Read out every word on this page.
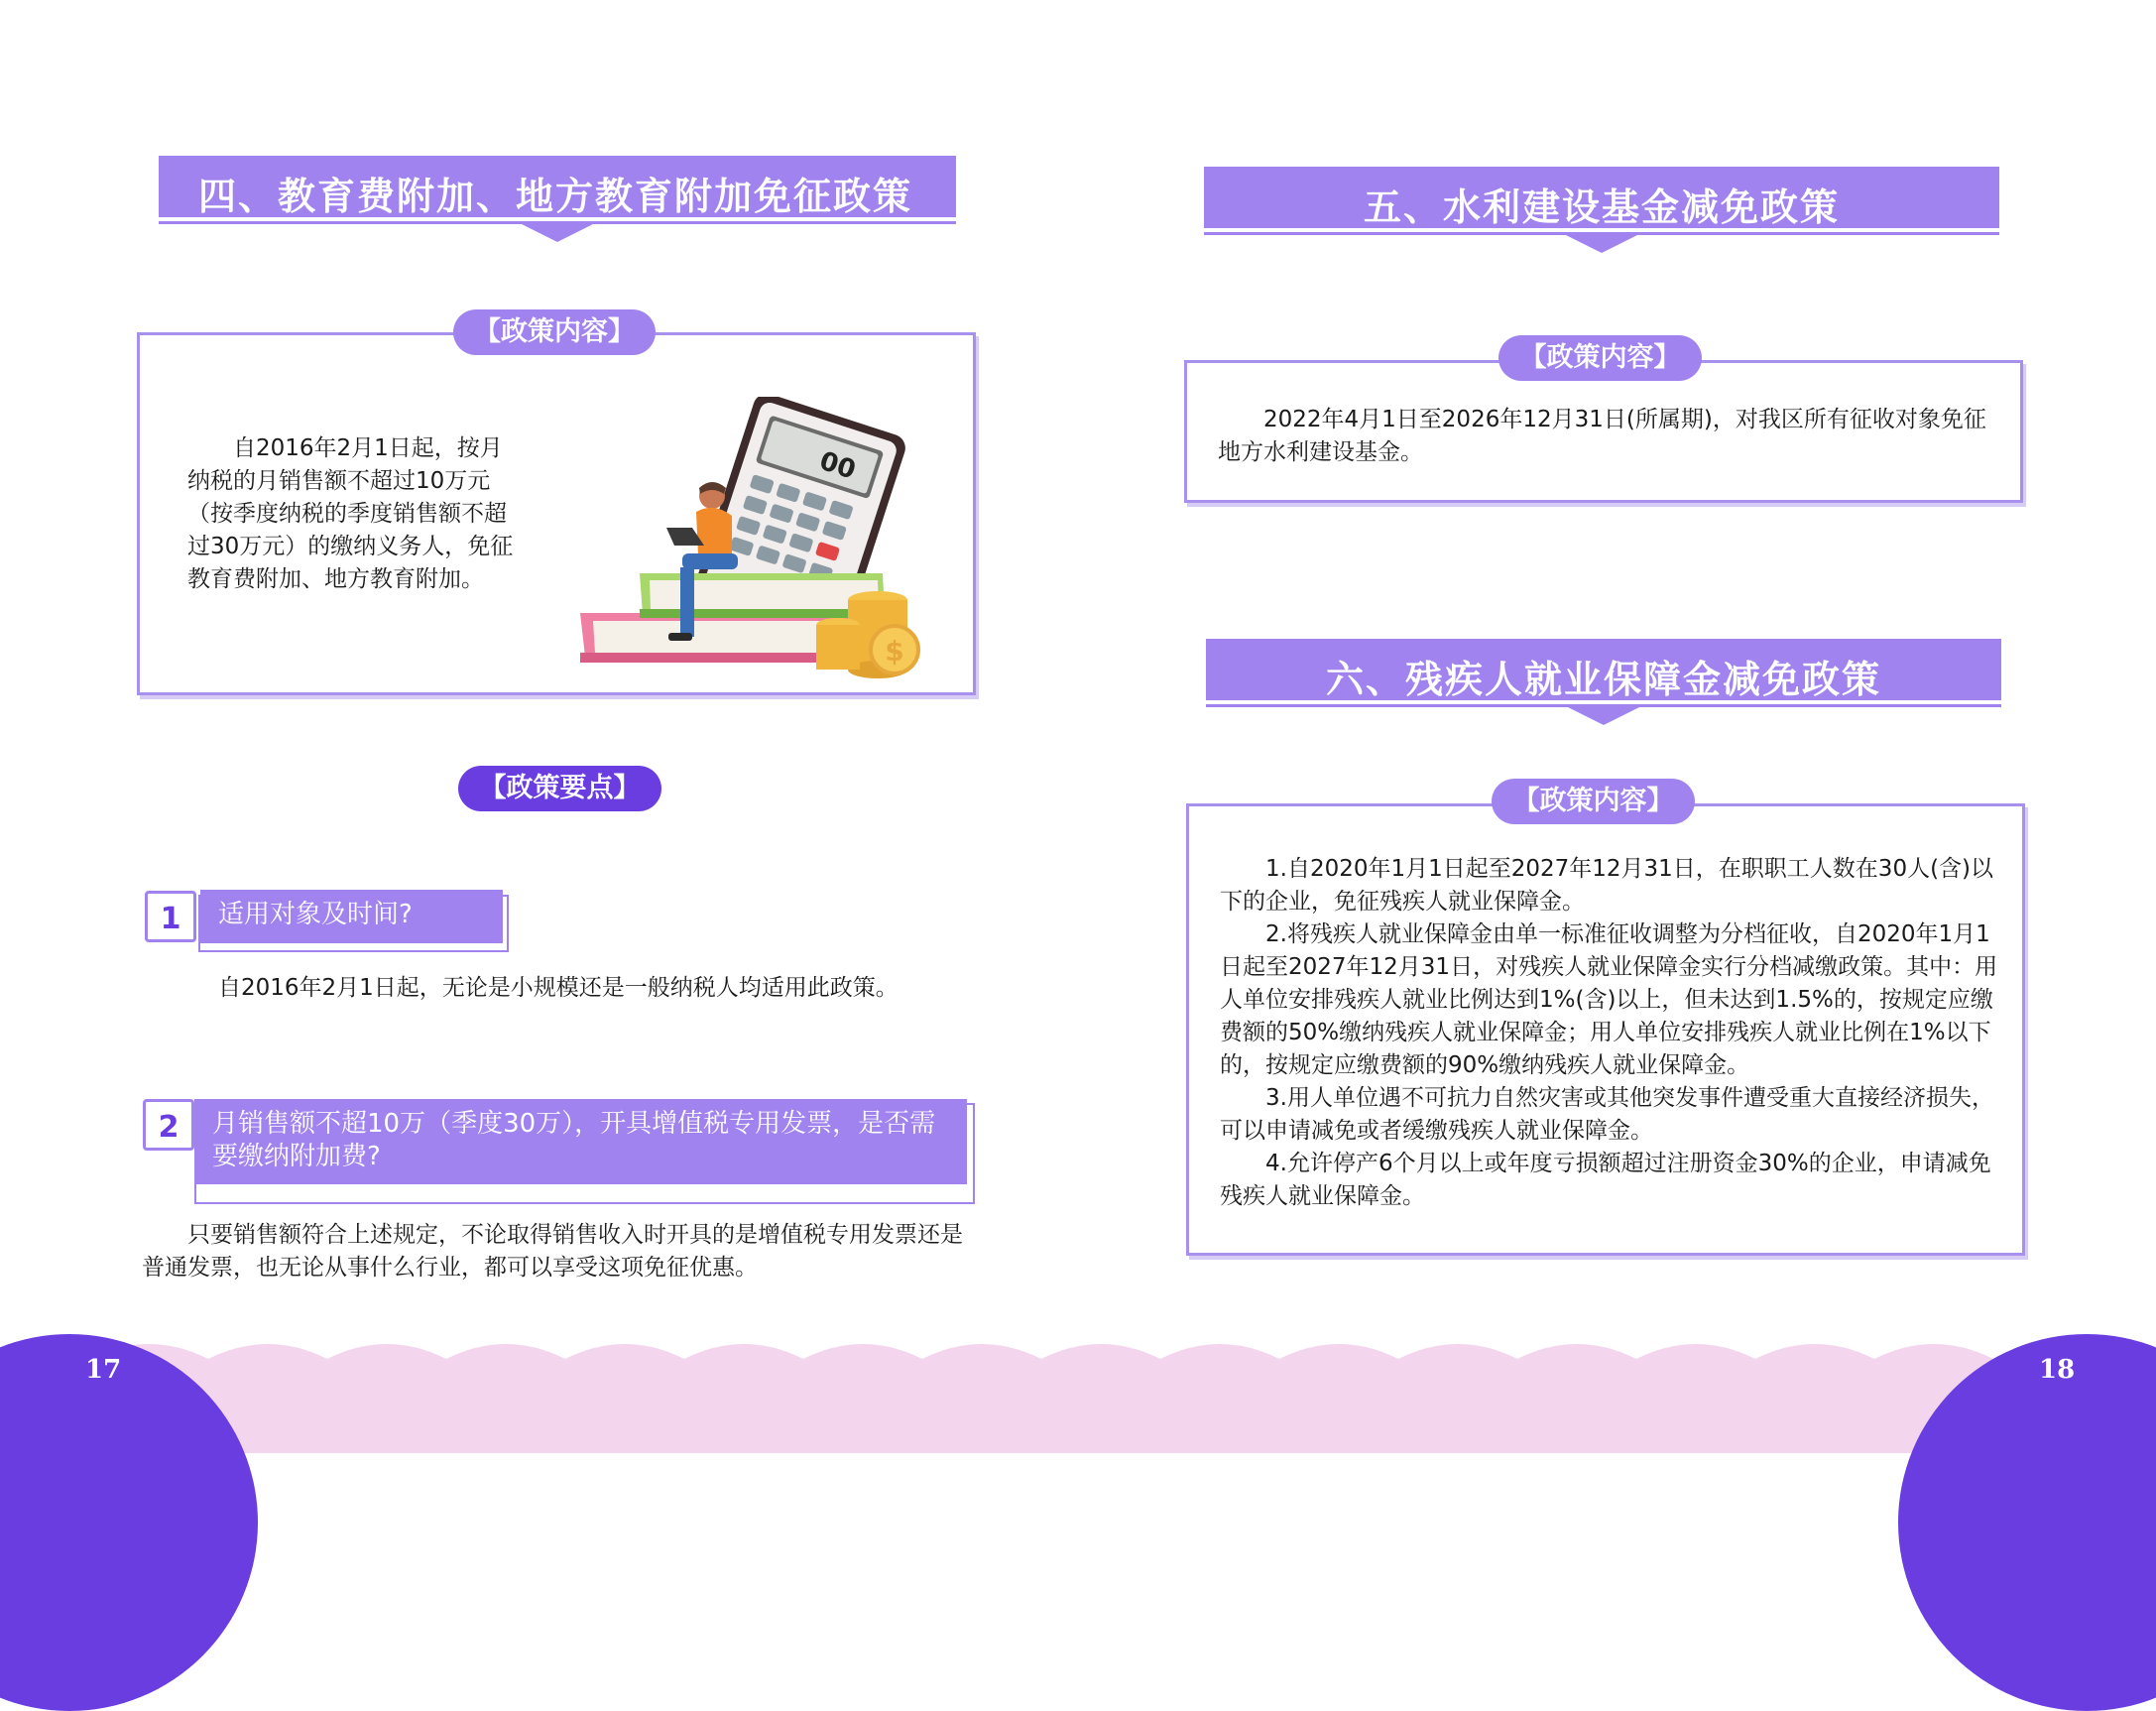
四、教育费附加、地方教育附加免征政策
【政策内容】

自2016年2月1日起，按月纳税的月销售额不超过10万元（按季度纳税的季度销售额不超过30万元）的缴纳义务人，免征教育费附加、地方教育附加。

00
$
【政策要点】
适用对象及时间?
1
自2016年2月1日起，无论是小规模还是一般纳税人均适用此政策。
月销售额不超10万（季度30万），开具增值税专用发票，是否需要缴纳附加费?
2

只要销售额符合上述规定，不论取得销售收入时开具的是增值税专用发票还是普通发票，也无论从事什么行业，都可以享受这项免征优惠。

五、水利建设基金减免政策
【政策内容】

2022年4月1日至2026年12月31日(所属期)，对我区所有征收对象免征地方水利建设基金。

六、残疾人就业保障金减免政策
【政策内容】

1.自2020年1月1日起至2027年12月31日，在职职工人数在30人(含)以下的企业，免征残疾人就业保障金。

2.将残疾人就业保障金由单一标准征收调整为分档征收，自2020年1月1日起至2027年12月31日，对残疾人就业保障金实行分档减缴政策。其中：用人单位安排残疾人就业比例达到1%(含)以上，但未达到1.5%的，按规定应缴费额的50%缴纳残疾人就业保障金；用人单位安排残疾人就业比例在1%以下的，按规定应缴费额的90%缴纳残疾人就业保障金。

3.用人单位遇不可抗力自然灾害或其他突发事件遭受重大直接经济损失，可以申请减免或者缓缴残疾人就业保障金。

4.允许停产6个月以上或年度亏损额超过注册资金30%的企业，申请减免残疾人就业保障金。

17	18
